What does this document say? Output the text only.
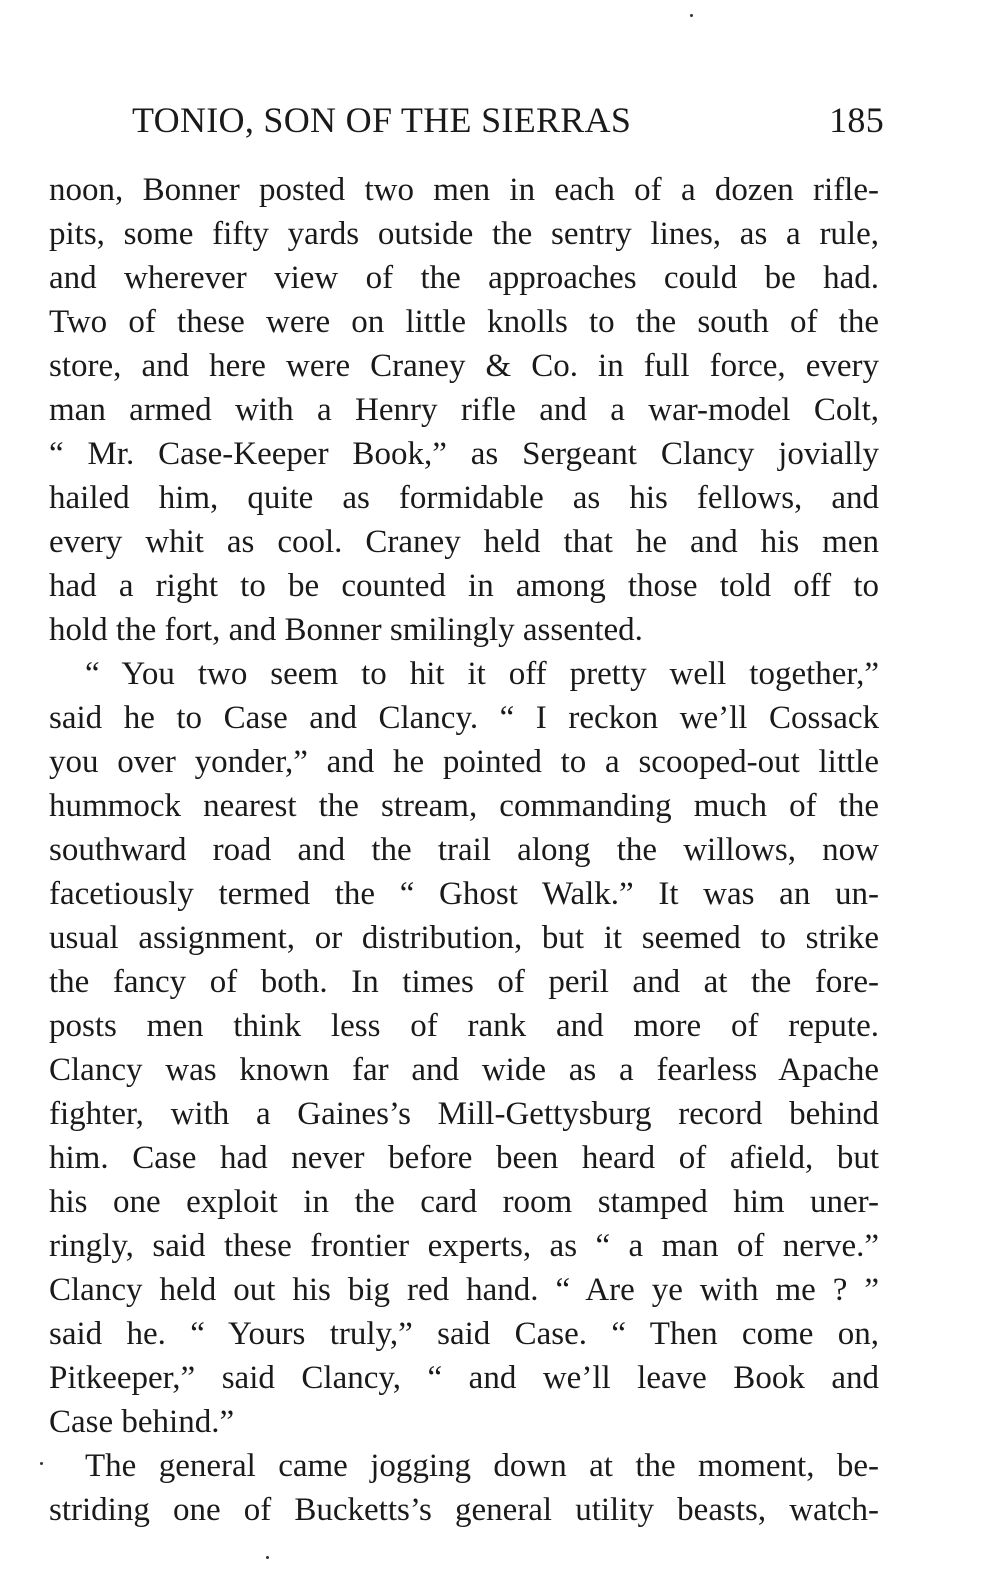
TONIO, SON OF THE SIERRAS	185
noon, Bonner posted two men in each of a dozen rifle-
pits, some fifty yards outside the sentry lines, as a rule,
and wherever view of the approaches could be had.
Two of these were on little knolls to the south of the
store, and here were Craney & Co. in full force, every
man armed with a Henry rifle and a war-model Colt,
“ Mr. Case-Keeper Book,” as Sergeant Clancy jovially
hailed him, quite as formidable as his fellows, and
every whit as cool. Craney held that he and his men
had a right to be counted in among those told off to
hold the fort, and Bonner smilingly assented.
“ You two seem to hit it off pretty well together,”
said he to Case and Clancy. “ I reckon we’ll Cossack
you over yonder,” and he pointed to a scooped-out little
hummock nearest the stream, commanding much of the
southward road and the trail along the willows, now
facetiously termed the “ Ghost Walk.” It was an un-
usual assignment, or distribution, but it seemed to strike
the fancy of both. In times of peril and at the fore-
posts men think less of rank and more of repute.
Clancy was known far and wide as a fearless Apache
fighter, with a Gaines’s Mill-Gettysburg record behind
him. Case had never before been heard of afield, but
his one exploit in the card room stamped him uner-
ringly, said these frontier experts, as “ a man of nerve.”
Clancy held out his big red hand. “ Are ye with me ? ”
said he. “ Yours truly,” said Case. “ Then come on,
Pitkeeper,” said Clancy, “ and we’ll leave Book and
Case behind.”
The general came jogging down at the moment, be-
striding one of Bucketts’s general utility beasts, watch-
